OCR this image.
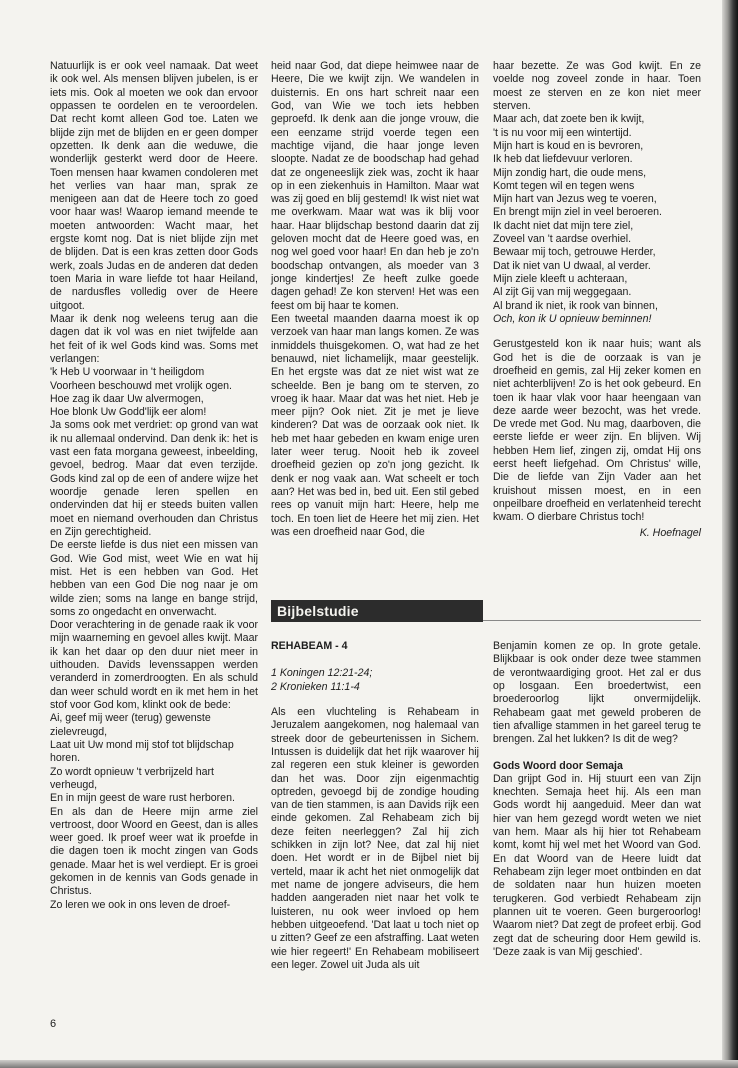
Natuurlijk is er ook veel namaak. Dat weet ik ook wel. Als mensen blijven jubelen, is er iets mis. Ook al moeten we ook dan ervoor oppassen te oordelen en te veroordelen. Dat recht komt alleen God toe. Laten we blijde zijn met de blijden en er geen domper opzetten. Ik denk aan die weduwe, die wonderlijk gesterkt werd door de Heere. Toen mensen haar kwamen condoleren met het verlies van haar man, sprak ze menigeen aan dat de Heere toch zo goed voor haar was! Waarop iemand meende te moeten antwoorden: Wacht maar, het ergste komt nog. Dat is niet blijde zijn met de blijden. Dat is een kras zetten door Gods werk, zoals Judas en de anderen dat deden toen Maria in ware liefde tot haar Heiland, de nardusfles volledig over de Heere uitgoot.

Maar ik denk nog weleens terug aan die dagen dat ik vol was en niet twijfelde aan het feit of ik wel Gods kind was. Soms met verlangen:

'k Heb U voorwaar in 't heiligdom

Voorheen beschouwd met vrolijk ogen.

Hoe zag ik daar Uw alvermogen,

Hoe blonk Uw Godd'lijk eer alom!

Ja soms ook met verdriet: op grond van wat ik nu allemaal ondervind. Dan denk ik: het is vast een fata morgana geweest, inbeelding, gevoel, bedrog. Maar dat even terzijde. Gods kind zal op de een of andere wijze het woordje genade leren spellen en ondervinden dat hij er steeds buiten vallen moet en niemand overhouden dan Christus en Zijn gerechtigheid.

De eerste liefde is dus niet een missen van God. Wie God mist, weet Wie en wat hij mist. Het is een hebben van God. Het hebben van een God Die nog naar je om wilde zien; soms na lange en bange strijd, soms zo ongedacht en onverwacht.

Door verachtering in de genade raak ik voor mijn waarneming en gevoel alles kwijt. Maar ik kan het daar op den duur niet meer in uithouden. Davids levenssappen werden veranderd in zomerdroogten. En als schuld dan weer schuld wordt en ik met hem in het stof voor God kom, klinkt ook de bede:

Ai, geef mij weer (terug) gewenste zielevreugd,

Laat uit Uw mond mij stof tot blijdschap horen.

Zo wordt opnieuw 't verbrijzeld hart verheugd,

En in mijn geest de ware rust herboren.

En als dan de Heere mijn arme ziel vertroost, door Woord en Geest, dan is alles weer goed. Ik proef weer wat ik proefde in die dagen toen ik mocht zingen van Gods genade. Maar het is wel verdiept. Er is groei gekomen in de kennis van Gods genade in Christus.

Zo leren we ook in ons leven de droef-

heid naar God, dat diepe heimwee naar de Heere, Die we kwijt zijn. We wandelen in duisternis. En ons hart schreit naar een God, van Wie we toch iets hebben geproefd. Ik denk aan die jonge vrouw, die een eenzame strijd voerde tegen een machtige vijand, die haar jonge leven sloopte. Nadat ze de boodschap had gehad dat ze ongeneeslijk ziek was, zocht ik haar op in een ziekenhuis in Hamilton. Maar wat was zij goed en blij gestemd! Ik wist niet wat me overkwam. Maar wat was ik blij voor haar. Haar blijdschap bestond daarin dat zij geloven mocht dat de Heere goed was, en nog wel goed voor haar! En dan heb je zo'n boodschap ontvangen, als moeder van 3 jonge kindertjes! Ze heeft zulke goede dagen gehad! Ze kon sterven! Het was een feest om bij haar te komen.

Een tweetal maanden daarna moest ik op verzoek van haar man langs komen. Ze was inmiddels thuisgekomen. O, wat had ze het benauwd, niet lichamelijk, maar geestelijk. En het ergste was dat ze niet wist wat ze scheelde. Ben je bang om te sterven, zo vroeg ik haar. Maar dat was het niet. Heb je meer pijn? Ook niet. Zit je met je lieve kinderen? Dat was de oorzaak ook niet. Ik heb met haar gebeden en kwam enige uren later weer terug. Nooit heb ik zoveel droefheid gezien op zo'n jong gezicht. Ik denk er nog vaak aan. Wat scheelt er toch aan? Het was bed in, bed uit. Een stil gebed rees op vanuit mijn hart: Heere, help me toch. En toen liet de Heere het mij zien. Het was een droefheid naar God, die

haar bezette. Ze was God kwijt. En ze voelde nog zoveel zonde in haar. Toen moest ze sterven en ze kon niet meer sterven.

Maar ach, dat zoete ben ik kwijt,

't is nu voor mij een wintertijd.

Mijn hart is koud en is bevroren,

Ik heb dat liefdevuur verloren.

Mijn zondig hart, die oude mens,

Komt tegen wil en tegen wens

Mijn hart van Jezus weg te voeren,

En brengt mijn ziel in veel beroeren.

Ik dacht niet dat mijn tere ziel,

Zoveel van 't aardse overhiel.

Bewaar mij toch, getrouwe Herder,

Dat ik niet van U dwaal, al verder.

Mijn ziele kleeft u achteraan,

Al zijt Gij van mij weggegaan.

Al brand ik niet, ik rook van binnen,

Och, kon ik U opnieuw beminnen!

Gerustgesteld kon ik naar huis; want als God het is die de oorzaak is van je droefheid en gemis, zal Hij zeker komen en niet achterblijven! Zo is het ook gebeurd. En toen ik haar vlak voor haar heengaan van deze aarde weer bezocht, was het vrede. De vrede met God. Nu mag, daarboven, die eerste liefde er weer zijn. En blijven. Wij hebben Hem lief, zingen zij, omdat Hij ons eerst heeft liefgehad. Om Christus' wille, Die de liefde van Zijn Vader aan het kruishout missen moest, en in een onpeilbare droefheid en verlatenheid terecht kwam. O dierbare Christus toch!

K. Hoefnagel

Bijbelstudie

REHABEAM - 4

1 Koningen 12:21-24;

2 Kronieken 11:1-4

Als een vluchteling is Rehabeam in Jeruzalem aangekomen, nog halemaal van streek door de gebeurtenissen in Sichem. Intussen is duidelijk dat het rijk waarover hij zal regeren een stuk kleiner is geworden dan het was. Door zijn eigenmachtig optreden, gevoegd bij de zondige houding van de tien stammen, is aan Davids rijk een einde gekomen. Zal Rehabeam zich bij deze feiten neerleggen? Zal hij zich schikken in zijn lot? Nee, dat zal hij niet doen. Het wordt er in de Bijbel niet bij verteld, maar ik acht het niet onmogelijk dat met name de jongere adviseurs, die hem hadden aangeraden niet naar het volk te luisteren, nu ook weer invloed op hem hebben uitgeoefend. 'Dat laat u toch niet op u zitten? Geef ze een afstraffing. Laat weten wie hier regeert!' En Rehabeam mobiliseert een leger. Zowel uit Juda als uit

Benjamin komen ze op. In grote getale. Blijkbaar is ook onder deze twee stammen de verontwaardiging groot. Het zal er dus op losgaan. Een broedertwist, een broederoorlog lijkt onvermijdelijk. Rehabeam gaat met geweld proberen de tien afvallige stammen in het gareel terug te brengen. Zal het lukken? Is dit de weg?

Gods Woord door Semaja

Dan grijpt God in. Hij stuurt een van Zijn knechten. Semaja heet hij. Als een man Gods wordt hij aangeduid. Meer dan wat hier van hem gezegd wordt weten we niet van hem. Maar als hij hier tot Rehabeam komt, komt hij wel met het Woord van God. En dat Woord van de Heere luidt dat Rehabeam zijn leger moet ontbinden en dat de soldaten naar hun huizen moeten terugkeren. God verbiedt Rehabeam zijn plannen uit te voeren. Geen burgeroorlog! Waarom niet? Dat zegt de profeet erbij. God zegt dat de scheuring door Hem gewild is. 'Deze zaak is van Mij geschied'.

6
